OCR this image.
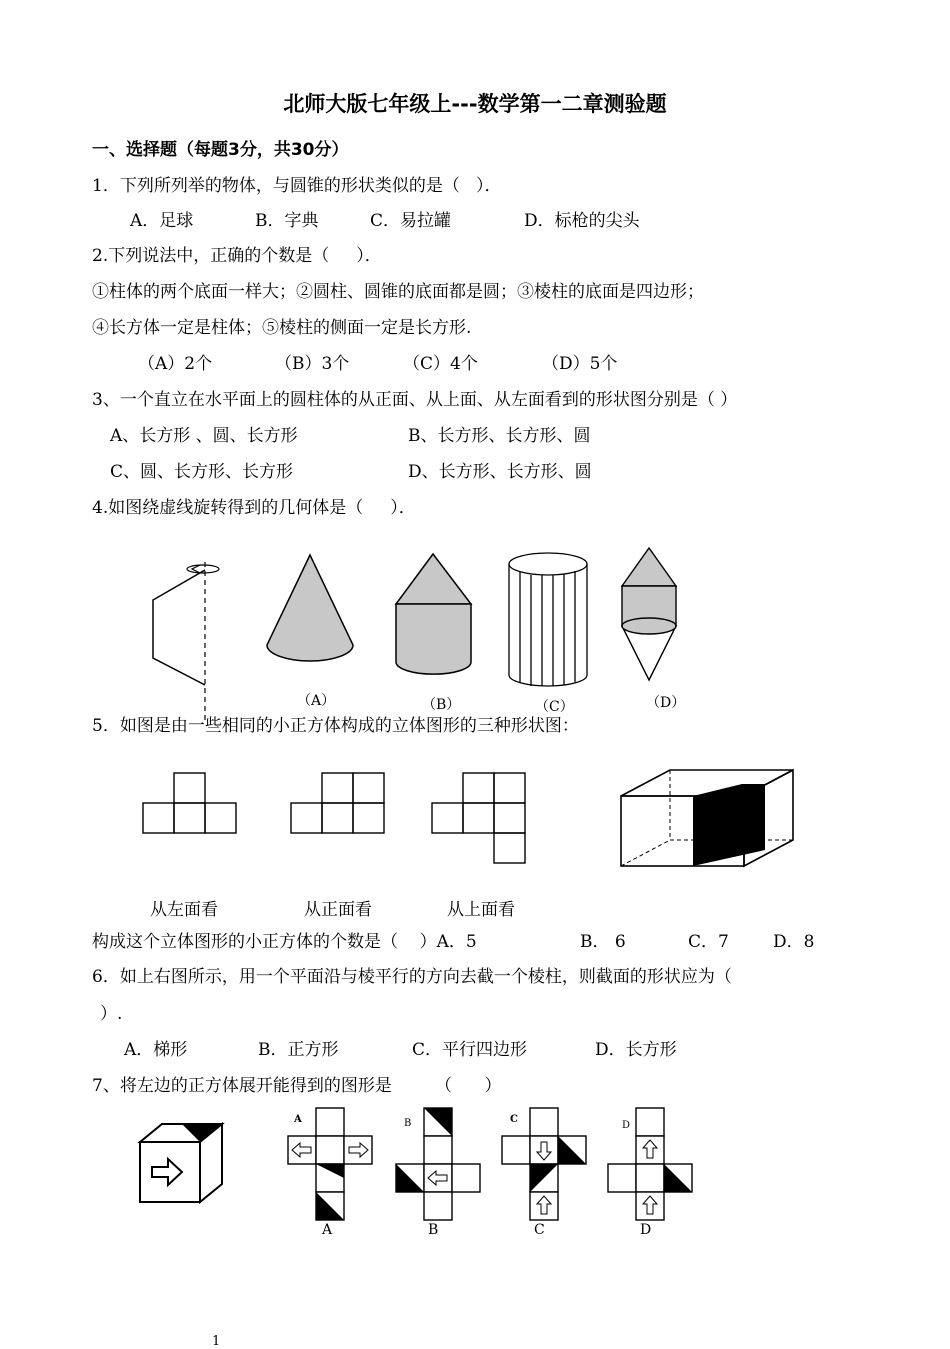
北师大版七年级上---数学第一二章测验题
一、选择题（每题3分，共30分）
1．下列所列举的物体，与圆锥的形状类似的是（   ）．
A．足球	B．字典	C．易拉罐	D．标枪的尖头
2.下列说法中，正确的个数是（     ）．
①柱体的两个底面一样大；②圆柱、圆锥的底面都是圆；③棱柱的底面是四边形；
④长方体一定是柱体；⑤棱柱的侧面一定是长方形.
（A）2个	（B）3个	（C）4个	（D）5个
3、一个直立在水平面上的圆柱体的从正面、从上面、从左面看到的形状图分别是（ ）
A、长方形 、圆、长方形	B、长方形、长方形、圆
C、圆、长方形、长方形	D、长方形、长方形、圆
4.如图绕虚线旋转得到的几何体是（     ）．
（A）	（B）	（C）	（D）
5．如图是由一些相同的小正方体构成的立体图形的三种形状图：
从左面看	从正面看	从上面看
构成这个立体图形的小正方体的个数是（    ）A．5	B． 6	C．7	D．8
6．如上右图所示，用一个平面沿与棱平行的方向去截一个棱柱，则截面的形状应为（
）.
A．梯形	B．正方形	C．平行四边形	D．长方形
7、将左边的正方体展开能得到的图形是        （      ）
A	B	C
D
A	B	C	D
1
